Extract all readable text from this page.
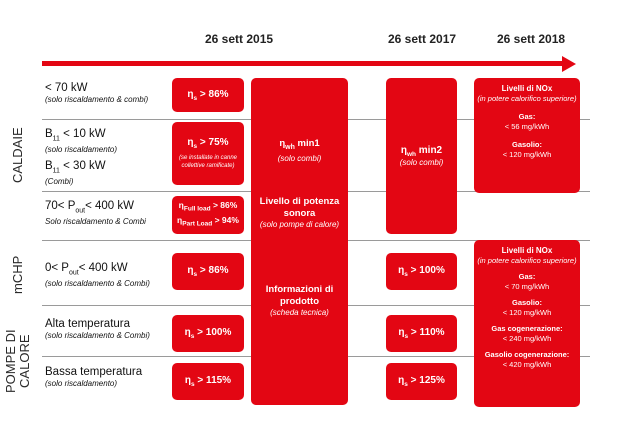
26 sett 2015	26 sett 2017	26 sett 2018
CALDAIE
mCHP
POMPE DI CALORE
< 70 kW
(solo riscaldamento & combi)
$B_{11} < 10$ kW
(solo riscaldamento)
$B_{11} < 30$ kW
(Combi)
$70< P_{out}< 400$ kW
Solo riscaldamento & Combi
$0< P_{out}< 400$ kW
(solo riscaldamento & Combi)
Alta temperatura
(solo riscaldamento & Combi)
Bassa temperatura
(solo riscaldamento)
$\eta_s > 86\%$
$\eta_s > 75\%$
(se installate in canne collettive ramificate)
$\eta_{Full load} > 86\%$
$\eta_{Part Load} > 94\%$
$\eta_s > 86\%$
$\eta_s > 100\%$
$\eta_s > 115\%$
$\eta_{wh}$ min1
(solo combi)
Livello di potenza sonora
(solo pompe di calore)
Informazioni di prodotto
(scheda tecnica)
$\eta_{wh}$ min2
(solo combi)
$\eta_s > 100\%$
$\eta_s > 110\%$
$\eta_s > 125\%$
Livelli di NOx
(in potere calorifico superiore)
Gas:
< 56 mg/kWh
Gasolio:
< 120 mg/kWh
Livelli di NOx
(in potere calorifico superiore)
Gas:
< 70 mg/kWh
Gasolio:
< 120 mg/kWh
Gas cogenerazione:
< 240 mg/kWh
Gasolio cogenerazione:
< 420 mg/kWh
